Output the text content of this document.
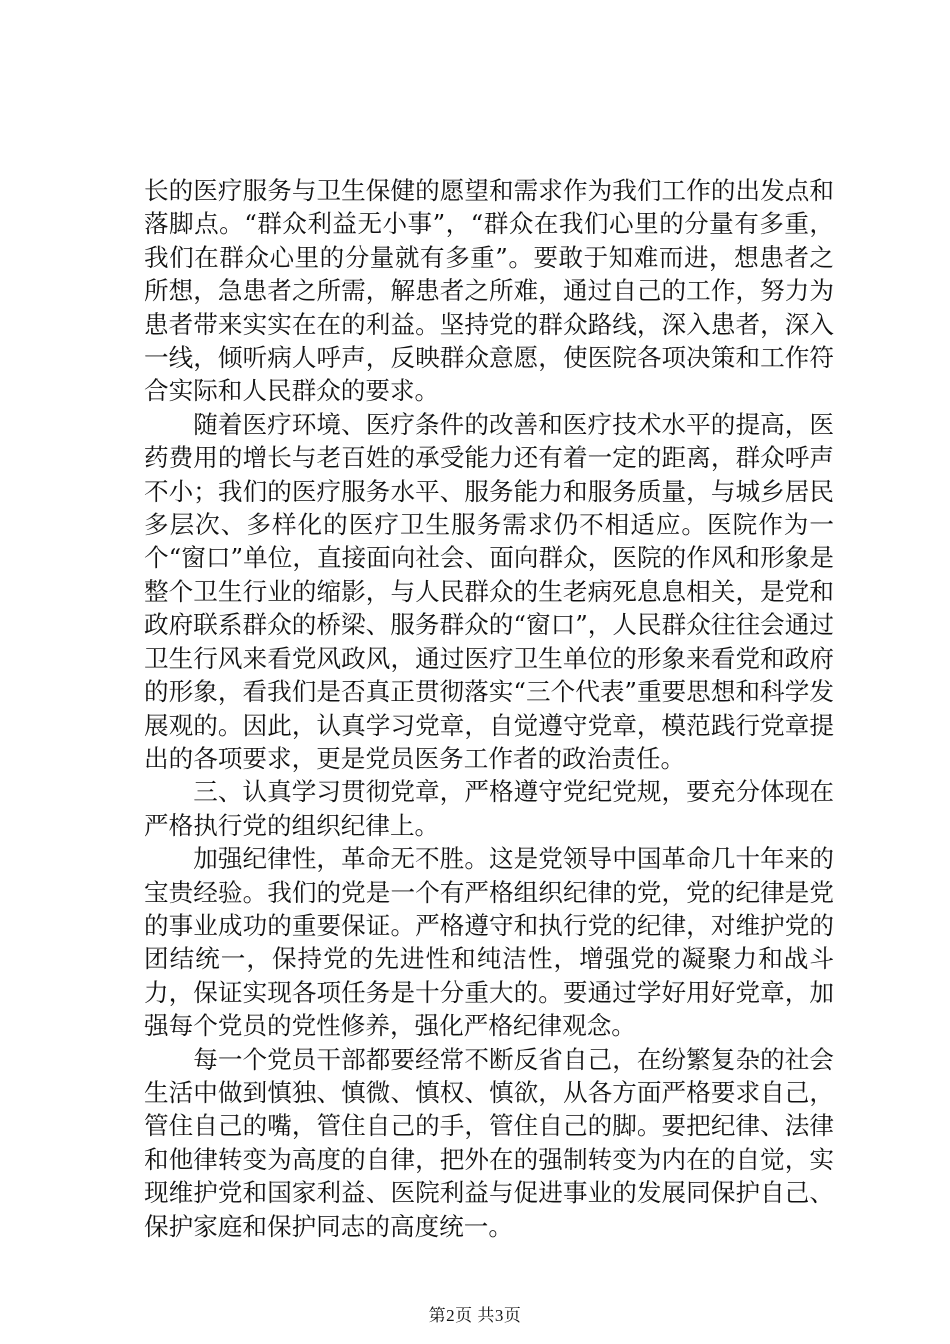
长的医疗服务与卫生保健的愿望和需求作为我们工作的出发点和落脚点。“群众利益无小事”，“群众在我们心里的分量有多重，我们在群众心里的分量就有多重”。要敢于知难而进，想患者之所想，急患者之所需，解患者之所难，通过自己的工作，努力为患者带来实实在在的利益。坚持党的群众路线，深入患者，深入一线，倾听病人呼声，反映群众意愿，使医院各项决策和工作符合实际和人民群众的要求。

随着医疗环境、医疗条件的改善和医疗技术水平的提高，医药费用的增长与老百姓的承受能力还有着一定的距离，群众呼声不小；我们的医疗服务水平、服务能力和服务质量，与城乡居民多层次、多样化的医疗卫生服务需求仍不相适应。医院作为一个“窗口”单位，直接面向社会、面向群众，医院的作风和形象是整个卫生行业的缩影，与人民群众的生老病死息息相关，是党和政府联系群众的桥梁、服务群众的“窗口”，人民群众往往会通过卫生行风来看党风政风，通过医疗卫生单位的形象来看党和政府的形象，看我们是否真正贯彻落实“三个代表”重要思想和科学发展观的。因此，认真学习党章，自觉遵守党章，模范践行党章提出的各项要求，更是党员医务工作者的政治责任。

三、认真学习贯彻党章，严格遵守党纪党规，要充分体现在严格执行党的组织纪律上。

加强纪律性，革命无不胜。这是党领导中国革命几十年来的宝贵经验。我们的党是一个有严格组织纪律的党，党的纪律是党的事业成功的重要保证。严格遵守和执行党的纪律，对维护党的团结统一，保持党的先进性和纯洁性，增强党的凝聚力和战斗力，保证实现各项任务是十分重大的。要通过学好用好党章，加强每个党员的党性修养，强化严格纪律观念。

每一个党员干部都要经常不断反省自己，在纷繁复杂的社会生活中做到慎独、慎微、慎权、慎欲，从各方面严格要求自己，管住自己的嘴，管住自己的手，管住自己的脚。要把纪律、法律和他律转变为高度的自律，把外在的强制转变为内在的自觉，实现维护党和国家利益、医院利益与促进事业的发展同保护自己、保护家庭和保护同志的高度统一。

第2页 共3页
